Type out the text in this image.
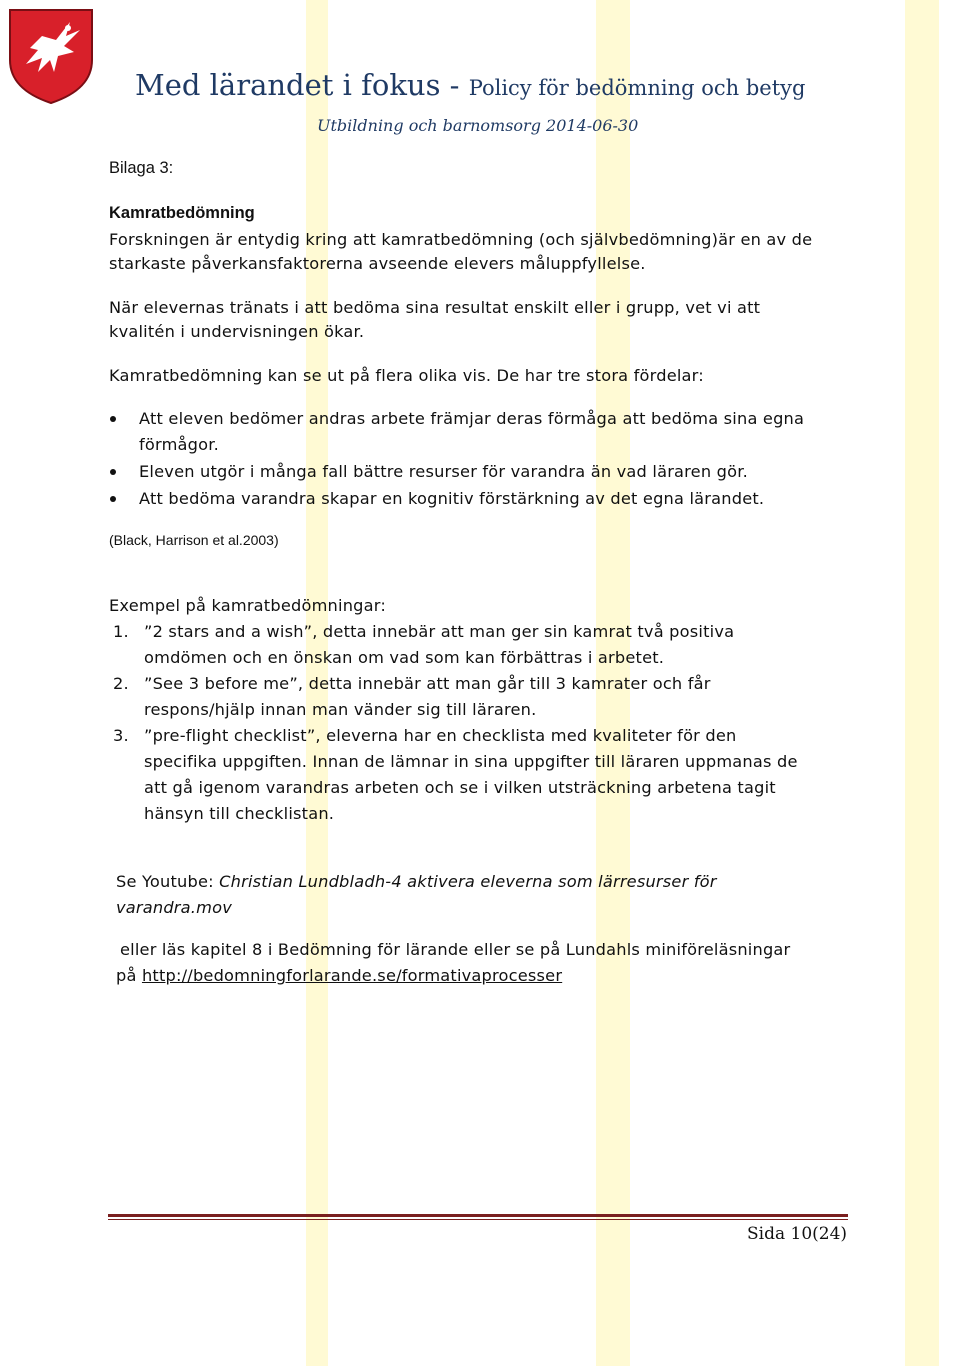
Med lärandet i fokus - Policy för bedömning och betyg
Utbildning och barnomsorg 2014-06-30
Bilaga 3:
Kamratbedömning
Forskningen är entydig kring att kamratbedömning (och självbedömning)är en av de
starkaste påverkansfaktorerna avseende elevers måluppfyllelse.
När elevernas tränats i att bedöma sina resultat enskilt eller i grupp, vet vi att
kvalitén i undervisningen ökar.
Kamratbedömning kan se ut på flera olika vis. De har tre stora fördelar:
Att eleven bedömer andras arbete främjar deras förmåga att bedöma sina egna
förmågor.
Eleven utgör i många fall bättre resurser för varandra än vad läraren gör.
Att bedöma varandra skapar en kognitiv förstärkning av det egna lärandet.
(Black, Harrison et al.2003)
Exempel på kamratbedömningar:
1. ”2 stars and a wish”, detta innebär att man ger sin kamrat två positiva
omdömen och en önskan om vad som kan förbättras i arbetet.
2. ”See 3 before me”, detta innebär att man går till 3 kamrater och får
respons/hjälp innan man vänder sig till läraren.
3. ”pre-flight checklist”, eleverna har en checklista med kvaliteter för den
specifika uppgiften. Innan de lämnar in sina uppgifter till läraren uppmanas de
att gå igenom varandras arbeten och se i vilken utsträckning arbetena tagit
hänsyn till checklistan.
Se Youtube: Christian Lundbladh-4 aktivera eleverna som lärresurser för
varandra.mov
eller läs kapitel 8 i Bedömning för lärande eller se på Lundahls miniföreläsningar
på http://bedomningforlarande.se/formativaprocesser
Sida 10(24)
